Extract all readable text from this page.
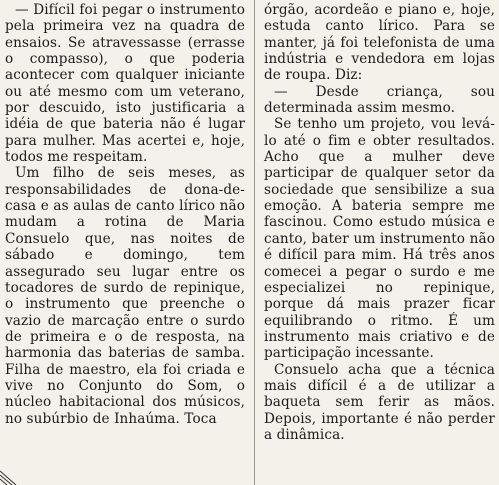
— Difícil foi pegar o instrumento pela primeira vez na quadra de ensaios. Se atravessasse (errasse o compasso), o que poderia acontecer com qualquer iniciante ou até mesmo com um veterano, por descuido, isto justificaria a idéia de que bateria não é lugar para mulher. Mas acertei e, hoje, todos me respeitam.

Um filho de seis meses, as responsabilidades de dona-de-casa e as aulas de canto lírico não mudam a rotina de Maria Consuelo que, nas noites de sábado e domingo, tem assegurado seu lugar entre os tocadores de surdo de repinique, o instrumento que preenche o vazio de marcação entre o surdo de primeira e o de resposta, na harmonia das baterias de samba. Filha de maestro, ela foi criada e vive no Conjunto do Som, o núcleo habitacional dos músicos, no subúrbio de Inhaúma. Toca

órgão, acordeão e piano e, hoje, estuda canto lírico. Para se manter, já foi telefonista de uma indústria e vendedora em lojas de roupa. Diz:

— Desde criança, sou determinada assim mesmo.

Se tenho um projeto, vou levá-lo até o fim e obter resultados. Acho que a mulher deve participar de qualquer setor da sociedade que sensibilize a sua emoção. A bateria sempre me fascinou. Como estudo música e canto, bater um instrumento não é difícil para mim. Há três anos comecei a pegar o surdo e me especializei no repinique, porque dá mais prazer ficar equilibrando o ritmo. É um instrumento mais criativo e de participação incessante.

Consuelo acha que a técnica mais difícil é a de utilizar a baqueta sem ferir as mãos. Depois, importante é não perder a dinâmica.
